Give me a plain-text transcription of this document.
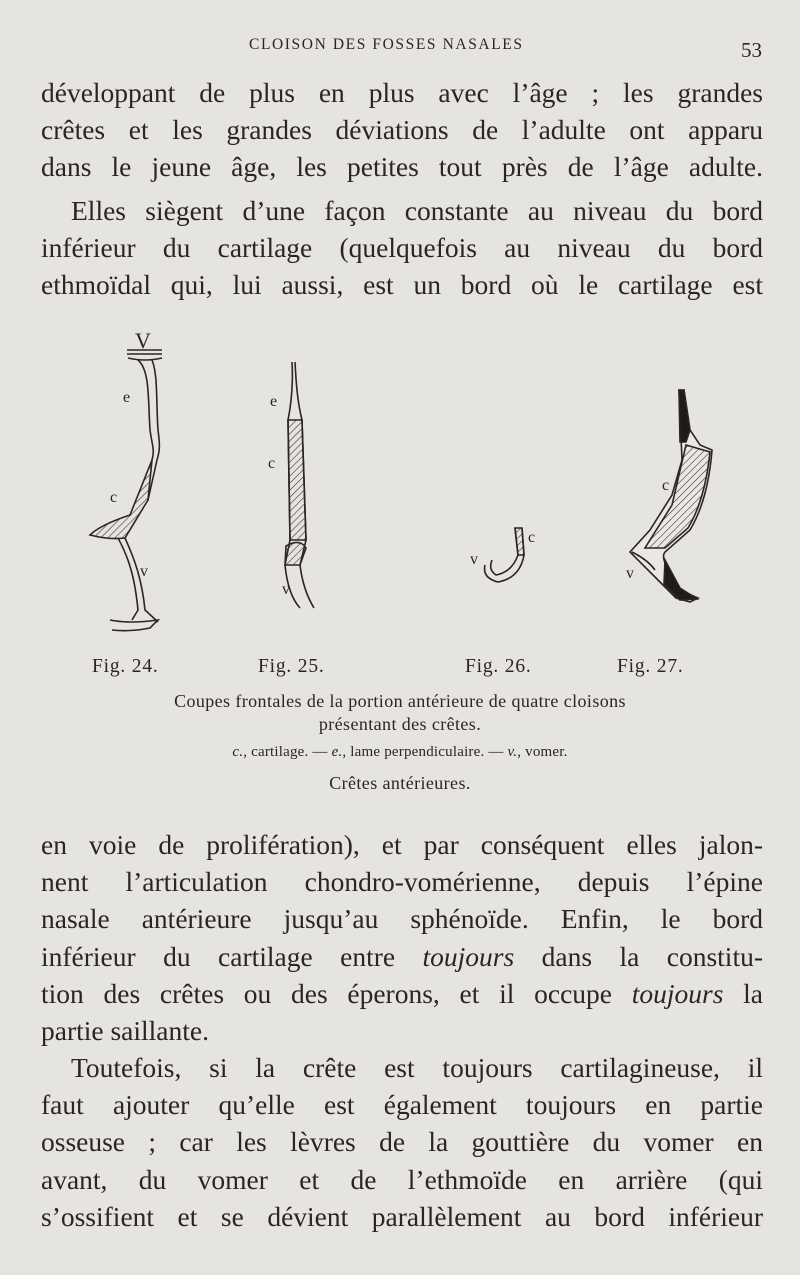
CLOISON DES FOSSES NASALES	53
développant de plus en plus avec l’âge ; les grandes
crêtes et les grandes déviations de l’adulte ont apparu
dans le jeune âge, les petites tout près de l’âge adulte.
Elles siègent d’une façon constante au niveau du bord
inférieur du cartilage (quelquefois au niveau du bord
ethmoïdal qui, lui aussi, est un bord où le cartilage est
V
e
c
v
e
c
v
c
v
c
v
Fig. 24.	Fig. 25.	Fig. 26.	Fig. 27.
Coupes frontales de la portion antérieure de quatre cloisons
présentant des crêtes.
c., cartilage. — e., lame perpendiculaire. — v., vomer.
Crêtes antérieures.
en voie de prolifération), et par conséquent elles jalon-
nent l’articulation chondro-vomérienne, depuis l’épine
nasale antérieure jusqu’au sphénoïde. Enfin, le bord
inférieur du cartilage entre toujours dans la constitu-
tion des crêtes ou des éperons, et il occupe toujours la
partie saillante.
Toutefois, si la crête est toujours cartilagineuse, il
faut ajouter qu’elle est également toujours en partie
osseuse ; car les lèvres de la gouttière du vomer en
avant, du vomer et de l’ethmoïde en arrière (qui
s’ossifient et se dévient parallèlement au bord inférieur
